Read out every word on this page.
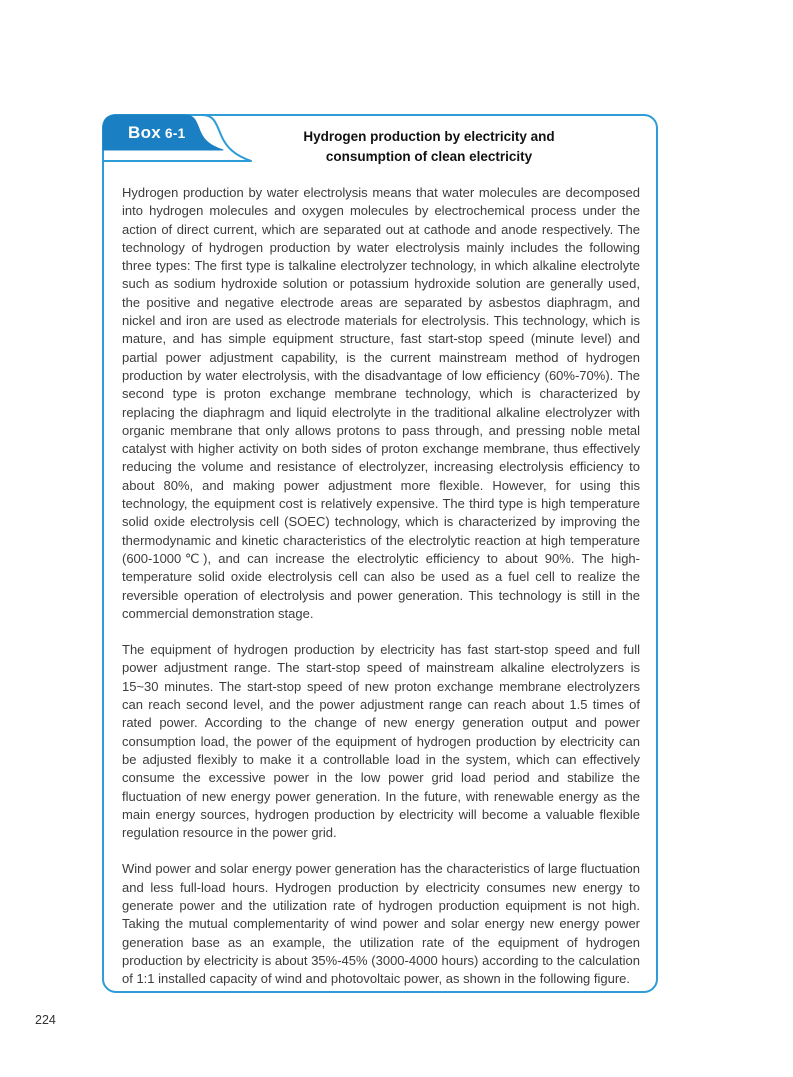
Box 6-1	Hydrogen production by electricity and consumption of clean electricity

Hydrogen production by water electrolysis means that water molecules are decomposed into hydrogen molecules and oxygen molecules by electrochemical process under the action of direct current, which are separated out at cathode and anode respectively. The technology of hydrogen production by water electrolysis mainly includes the following three types: The first type is talkaline electrolyzer technology, in which alkaline electrolyte such as sodium hydroxide solution or potassium hydroxide solution are generally used, the positive and negative electrode areas are separated by asbestos diaphragm, and nickel and iron are used as electrode materials for electrolysis. This technology, which is mature, and has simple equipment structure, fast start-stop speed (minute level) and partial power adjustment capability, is the current mainstream method of hydrogen production by water electrolysis, with the disadvantage of low efficiency (60%-70%). The second type is proton exchange membrane technology, which is characterized by replacing the diaphragm and liquid electrolyte in the traditional alkaline electrolyzer with organic membrane that only allows protons to pass through, and pressing noble metal catalyst with higher activity on both sides of proton exchange membrane, thus effectively reducing the volume and resistance of electrolyzer, increasing electrolysis efficiency to about 80%, and making power adjustment more flexible. However, for using this technology, the equipment cost is relatively expensive. The third type is high temperature solid oxide electrolysis cell (SOEC) technology, which is characterized by improving the thermodynamic and kinetic characteristics of the electrolytic reaction at high temperature (600-1000℃), and can increase the electrolytic efficiency to about 90%. The high-temperature solid oxide electrolysis cell can also be used as a fuel cell to realize the reversible operation of electrolysis and power generation. This technology is still in the commercial demonstration stage.

The equipment of hydrogen production by electricity has fast start-stop speed and full power adjustment range. The start-stop speed of mainstream alkaline electrolyzers is 15~30 minutes. The start-stop speed of new proton exchange membrane electrolyzers can reach second level, and the power adjustment range can reach about 1.5 times of rated power. According to the change of new energy generation output and power consumption load, the power of the equipment of hydrogen production by electricity can be adjusted flexibly to make it a controllable load in the system, which can effectively consume the excessive power in the low power grid load period and stabilize the fluctuation of new energy power generation. In the future, with renewable energy as the main energy sources, hydrogen production by electricity will become a valuable flexible regulation resource in the power grid.

Wind power and solar energy power generation has the characteristics of large fluctuation and less full-load hours. Hydrogen production by electricity consumes new energy to generate power and the utilization rate of hydrogen production equipment is not high. Taking the mutual complementarity of wind power and solar energy new energy power generation base as an example, the utilization rate of the equipment of hydrogen production by electricity is about 35%-45% (3000-4000 hours) according to the calculation of 1:1 installed capacity of wind and photovoltaic power, as shown in the following figure.

224
